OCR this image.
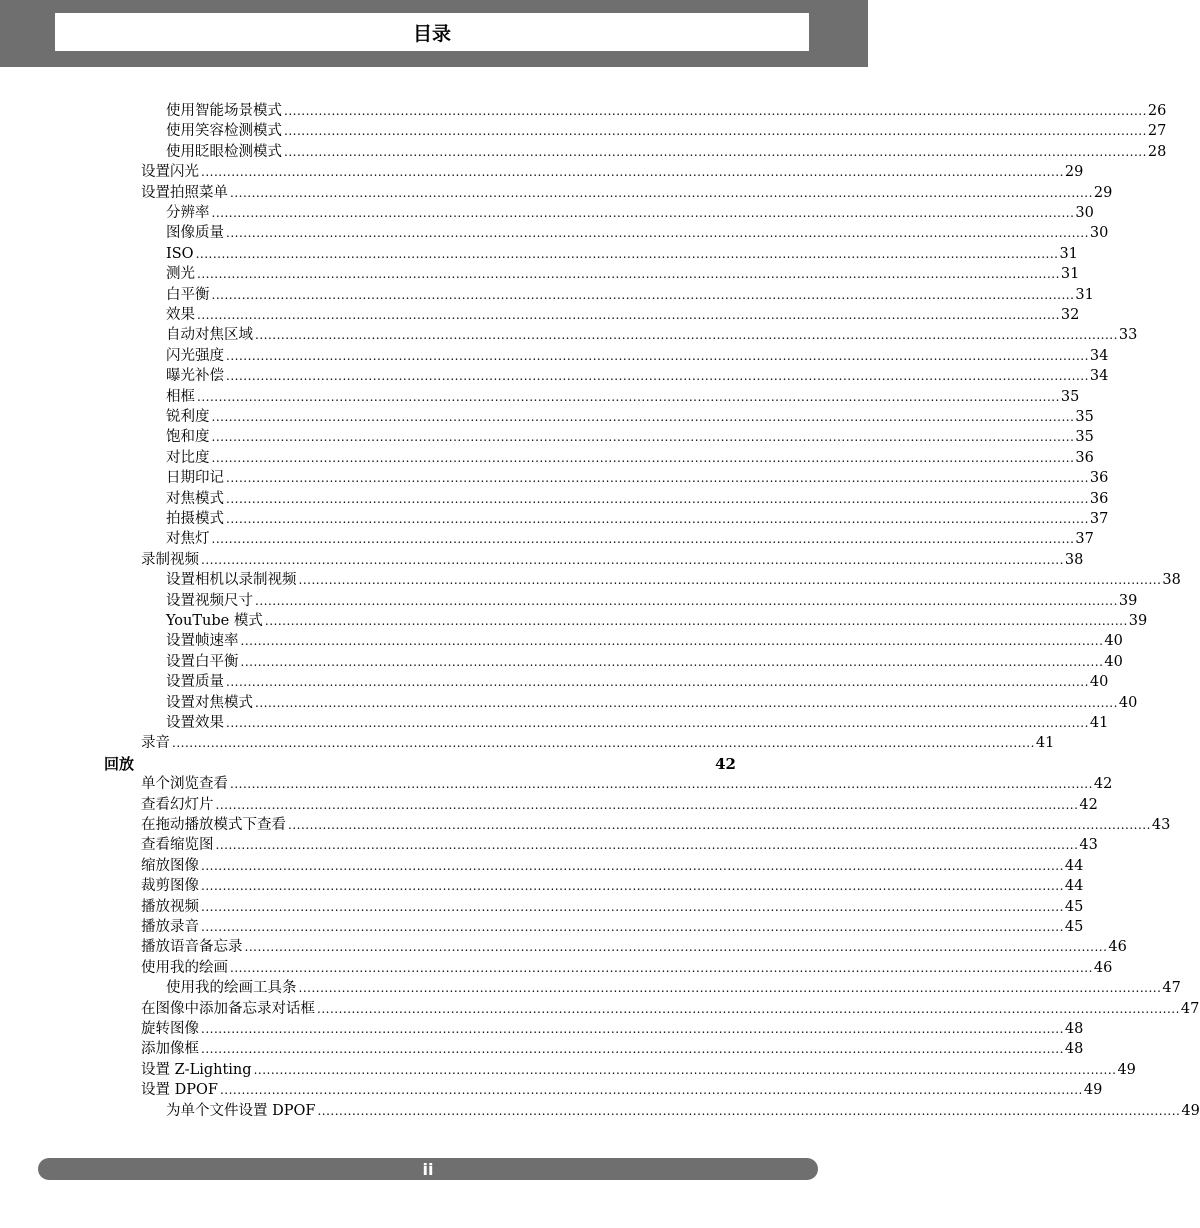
目录
使用智能场景模式 ........................................................................................................................................................................................................ 26
使用笑容检测模式 ........................................................................................................................................................................................................ 27
使用眨眼检测模式 ........................................................................................................................................................................................................ 28
设置闪光 ........................................................................................................................................................................................................ 29
设置拍照菜单 ........................................................................................................................................................................................................ 29
分辨率 ........................................................................................................................................................................................................ 30
图像质量 ........................................................................................................................................................................................................ 30
ISO ........................................................................................................................................................................................................ 31
测光 ........................................................................................................................................................................................................ 31
白平衡 ........................................................................................................................................................................................................ 31
效果 ........................................................................................................................................................................................................ 32
自动对焦区域 ........................................................................................................................................................................................................ 33
闪光强度 ........................................................................................................................................................................................................ 34
曝光补偿 ........................................................................................................................................................................................................ 34
相框 ........................................................................................................................................................................................................ 35
锐利度 ........................................................................................................................................................................................................ 35
饱和度 ........................................................................................................................................................................................................ 35
对比度 ........................................................................................................................................................................................................ 36
日期印记 ........................................................................................................................................................................................................ 36
对焦模式 ........................................................................................................................................................................................................ 36
拍摄模式 ........................................................................................................................................................................................................ 37
对焦灯 ........................................................................................................................................................................................................ 37
录制视频 ........................................................................................................................................................................................................ 38
设置相机以录制视频 ........................................................................................................................................................................................................ 38
设置视频尺寸 ........................................................................................................................................................................................................ 39
YouTube 模式 ........................................................................................................................................................................................................ 39
设置帧速率 ........................................................................................................................................................................................................ 40
设置白平衡 ........................................................................................................................................................................................................ 40
设置质量 ........................................................................................................................................................................................................ 40
设置对焦模式 ........................................................................................................................................................................................................ 40
设置效果 ........................................................................................................................................................................................................ 41
录音 ........................................................................................................................................................................................................ 41
回放	42
单个浏览查看 ........................................................................................................................................................................................................ 42
查看幻灯片 ........................................................................................................................................................................................................ 42
在拖动播放模式下查看 ........................................................................................................................................................................................................ 43
查看缩览图 ........................................................................................................................................................................................................ 43
缩放图像 ........................................................................................................................................................................................................ 44
裁剪图像 ........................................................................................................................................................................................................ 44
播放视频 ........................................................................................................................................................................................................ 45
播放录音 ........................................................................................................................................................................................................ 45
播放语音备忘录 ........................................................................................................................................................................................................ 46
使用我的绘画 ........................................................................................................................................................................................................ 46
使用我的绘画工具条 ........................................................................................................................................................................................................ 47
在图像中添加备忘录对话框 ........................................................................................................................................................................................................ 47
旋转图像 ........................................................................................................................................................................................................ 48
添加像框 ........................................................................................................................................................................................................ 48
设置 Z-Lighting ........................................................................................................................................................................................................ 49
设置 DPOF ........................................................................................................................................................................................................ 49
为单个文件设置 DPOF ........................................................................................................................................................................................................ 49
ii
